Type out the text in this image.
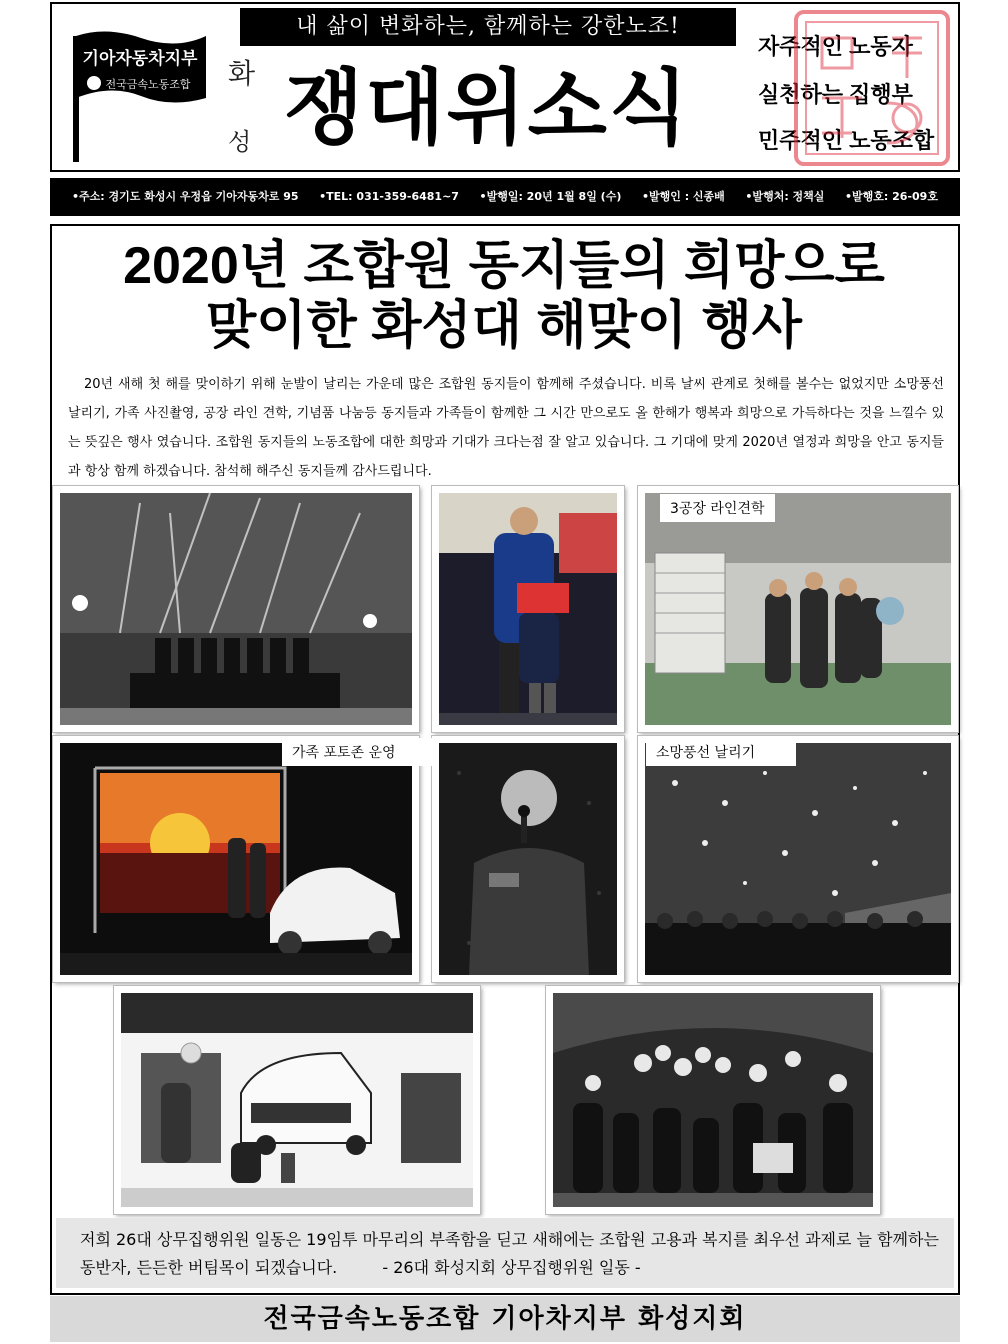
기아자동차지부
전국금속노동조합
내 삶이 변화하는, 함께하는 강한노조!
화
성 쟁대위소식
자주적인 노동자
실천하는 집행부
민주적인 노동조합
•주소: 경기도 화성시 우정읍 기아자동차로 95 •TEL: 031-359-6481~7 •발행일: 20년 1월 8일 (수) •발행인 : 신종배 •발행처: 정책실 •발행호: 26-09호
2020년 조합원 동지들의 희망으로
맞이한 화성대 해맞이 행사
20년 새해 첫 해를 맞이하기 위해 눈발이 날리는 가운데 많은 조합원 동지들이 함께해 주셨습니다. 비록 날씨 관계로 첫해를 볼수는 없었지만 소망풍선 날리기, 가족 사진촬영, 공장 라인 견학, 기념품 나눔등 동지들과 가족들이 함께한 그 시간 만으로도 올 한해가 행복과 희망으로 가득하다는 것을 느낄수 있는 뜻깊은 행사 였습니다. 조합원 동지들의 노동조합에 대한 희망과 기대가 크다는점 잘 알고 있습니다. 그 기대에 맞게 2020년 열정과 희망을 안고 동지들과 항상 함께 하겠습니다. 참석해 해주신 동지들께 감사드립니다.
3공장 라인견학
가족 포토존 운영	소망풍선 날리기
저희 26대 상무집행위원 일동은 19임투 마무리의 부족함을 딛고 새해에는 조합원 고용과 복지를 최우선 과제로 늘 함께하는 동반자, 든든한 버팀목이 되겠습니다.	- 26대 화성지회 상무집행위원 일동 -
전국금속노동조합 기아차지부 화성지회
